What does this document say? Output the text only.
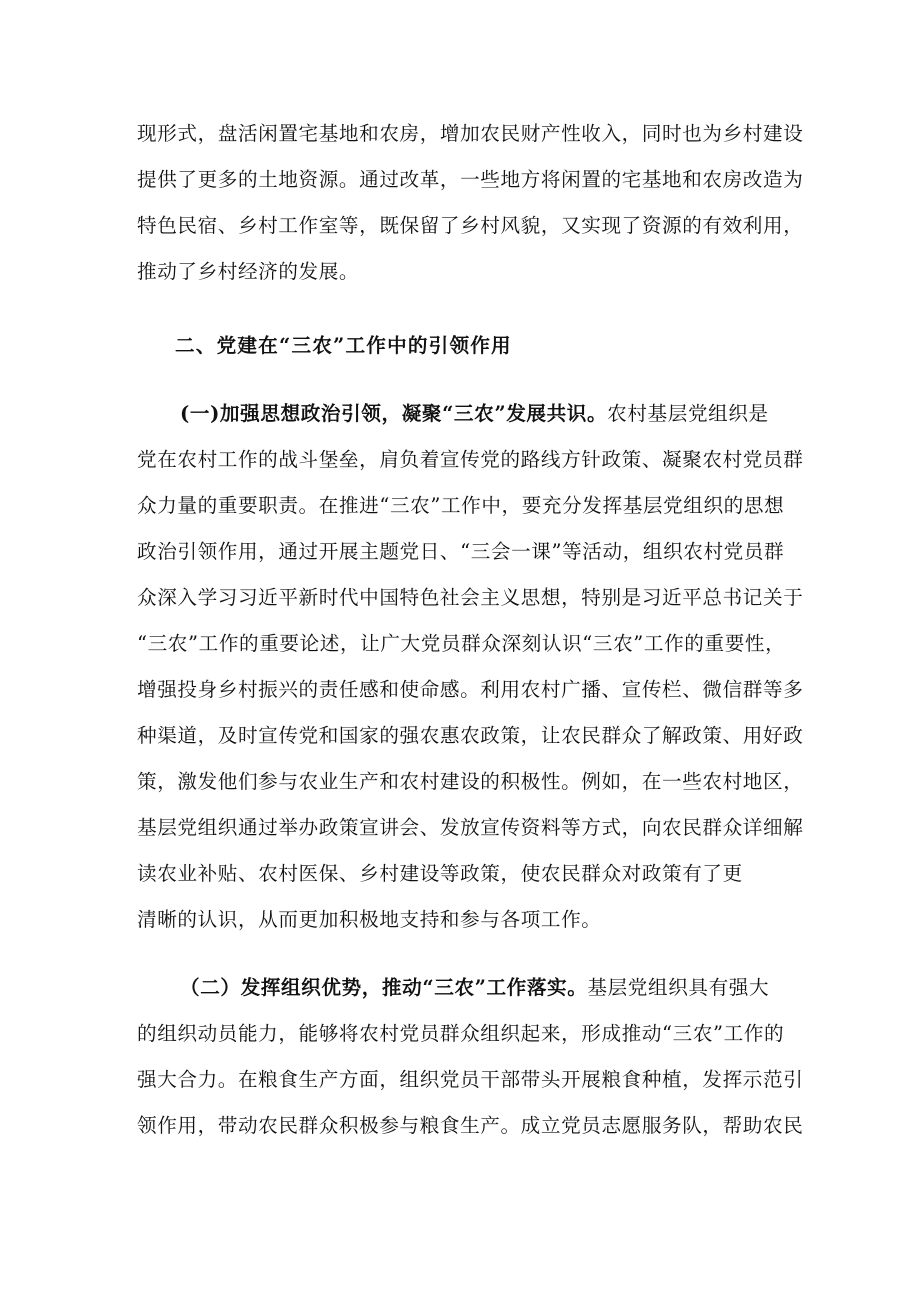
现形式，盘活闲置宅基地和农房，增加农民财产性收入，同时也为乡村建设
提供了更多的土地资源。通过改革，一些地方将闲置的宅基地和农房改造为
特色民宿、乡村工作室等，既保留了乡村风貌，又实现了资源的有效利用，
推动了乡村经济的发展。
二、党建在“三农”工作中的引领作用
(一)加强思想政治引领，凝聚“三农”发展共识。农村基层党组织是
党在农村工作的战斗堡垒，肩负着宣传党的路线方针政策、凝聚农村党员群
众力量的重要职责。在推进“三农”工作中，要充分发挥基层党组织的思想
政治引领作用，通过开展主题党日、“三会一课”等活动，组织农村党员群
众深入学习习近平新时代中国特色社会主义思想，特别是习近平总书记关于
“三农”工作的重要论述，让广大党员群众深刻认识“三农”工作的重要性，
增强投身乡村振兴的责任感和使命感。利用农村广播、宣传栏、微信群等多
种渠道，及时宣传党和国家的强农惠农政策，让农民群众了解政策、用好政
策，激发他们参与农业生产和农村建设的积极性。例如，在一些农村地区，
基层党组织通过举办政策宣讲会、发放宣传资料等方式，向农民群众详细解
读农业补贴、农村医保、乡村建设等政策，使农民群众对政策有了更
清晰的认识，从而更加积极地支持和参与各项工作。
（二）发挥组织优势，推动“三农”工作落实。基层党组织具有强大
的组织动员能力，能够将农村党员群众组织起来，形成推动“三农”工作的
强大合力。在粮食生产方面，组织党员干部带头开展粮食种植，发挥示范引
领作用，带动农民群众积极参与粮食生产。成立党员志愿服务队，帮助农民
